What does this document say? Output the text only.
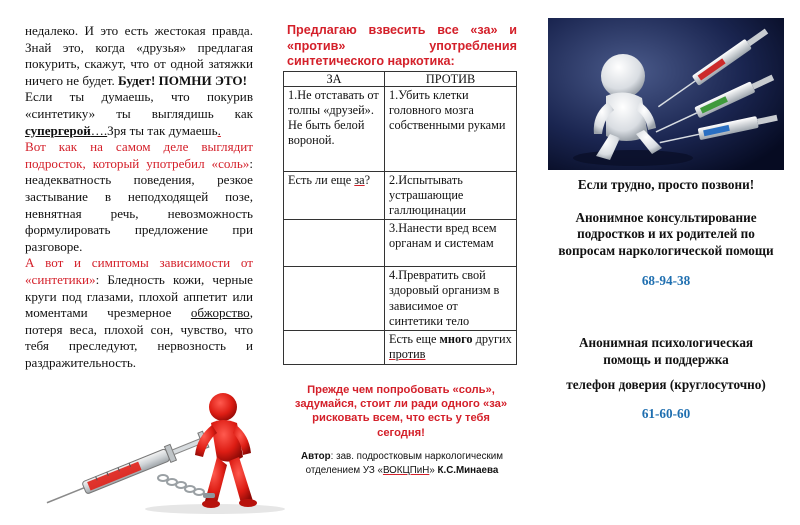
недалеко. И это есть жестокая правда. Знай это, когда «друзья» предлагая покурить, скажут, что от одной затяжки ничего не будет. Будет! ПОМНИ ЭТО!

Если ты думаешь, что покурив «синтетику» ты выглядишь как супергерой….Зря ты так думаешь.

Вот как на самом деле выглядит подросток, который употребил «соль»: неадекватность поведения, резкое застывание в неподходящей позе, невнятная речь, невозможность формулировать предложение при разговоре.

А вот и симптомы зависимости от «синтетики»: Бледность кожи, черные круги под глазами, плохой аппетит или моментами чрезмерное обжорство, потеря веса, плохой сон, чувство, что тебя преследуют, нервозность и раздражительность.

Предлагаю взвесить все «за» и
«против» употребления
синтетического наркотика:
ЗА	ПРОТИВ
1.Не отставать от толпы «друзей». Не быть белой вороной.	1.Убить клетки головного мозга собственными руками
Есть ли еще за?	2.Испытывать устрашающие галлюцинации
	3.Нанести вред всем органам и системам
	4.Превратить свой здоровый организм в зависимое от синтетики тело
	Есть еще много других против
Прежде чем попробовать «соль», задумайся, стоит ли ради одного «за» рисковать всем, что есть у тебя сегодня!
Автор: зав. подростковым наркологическим отделением УЗ «ВОКЦПиН» К.С.Минаева
Если трудно, просто позвони!
Анонимное консультирование подростков и их родителей по вопросам наркологической помощи
68-94-38
Анонимная психологическая помощь и поддержка
телефон доверия (круглосуточно)
61-60-60
